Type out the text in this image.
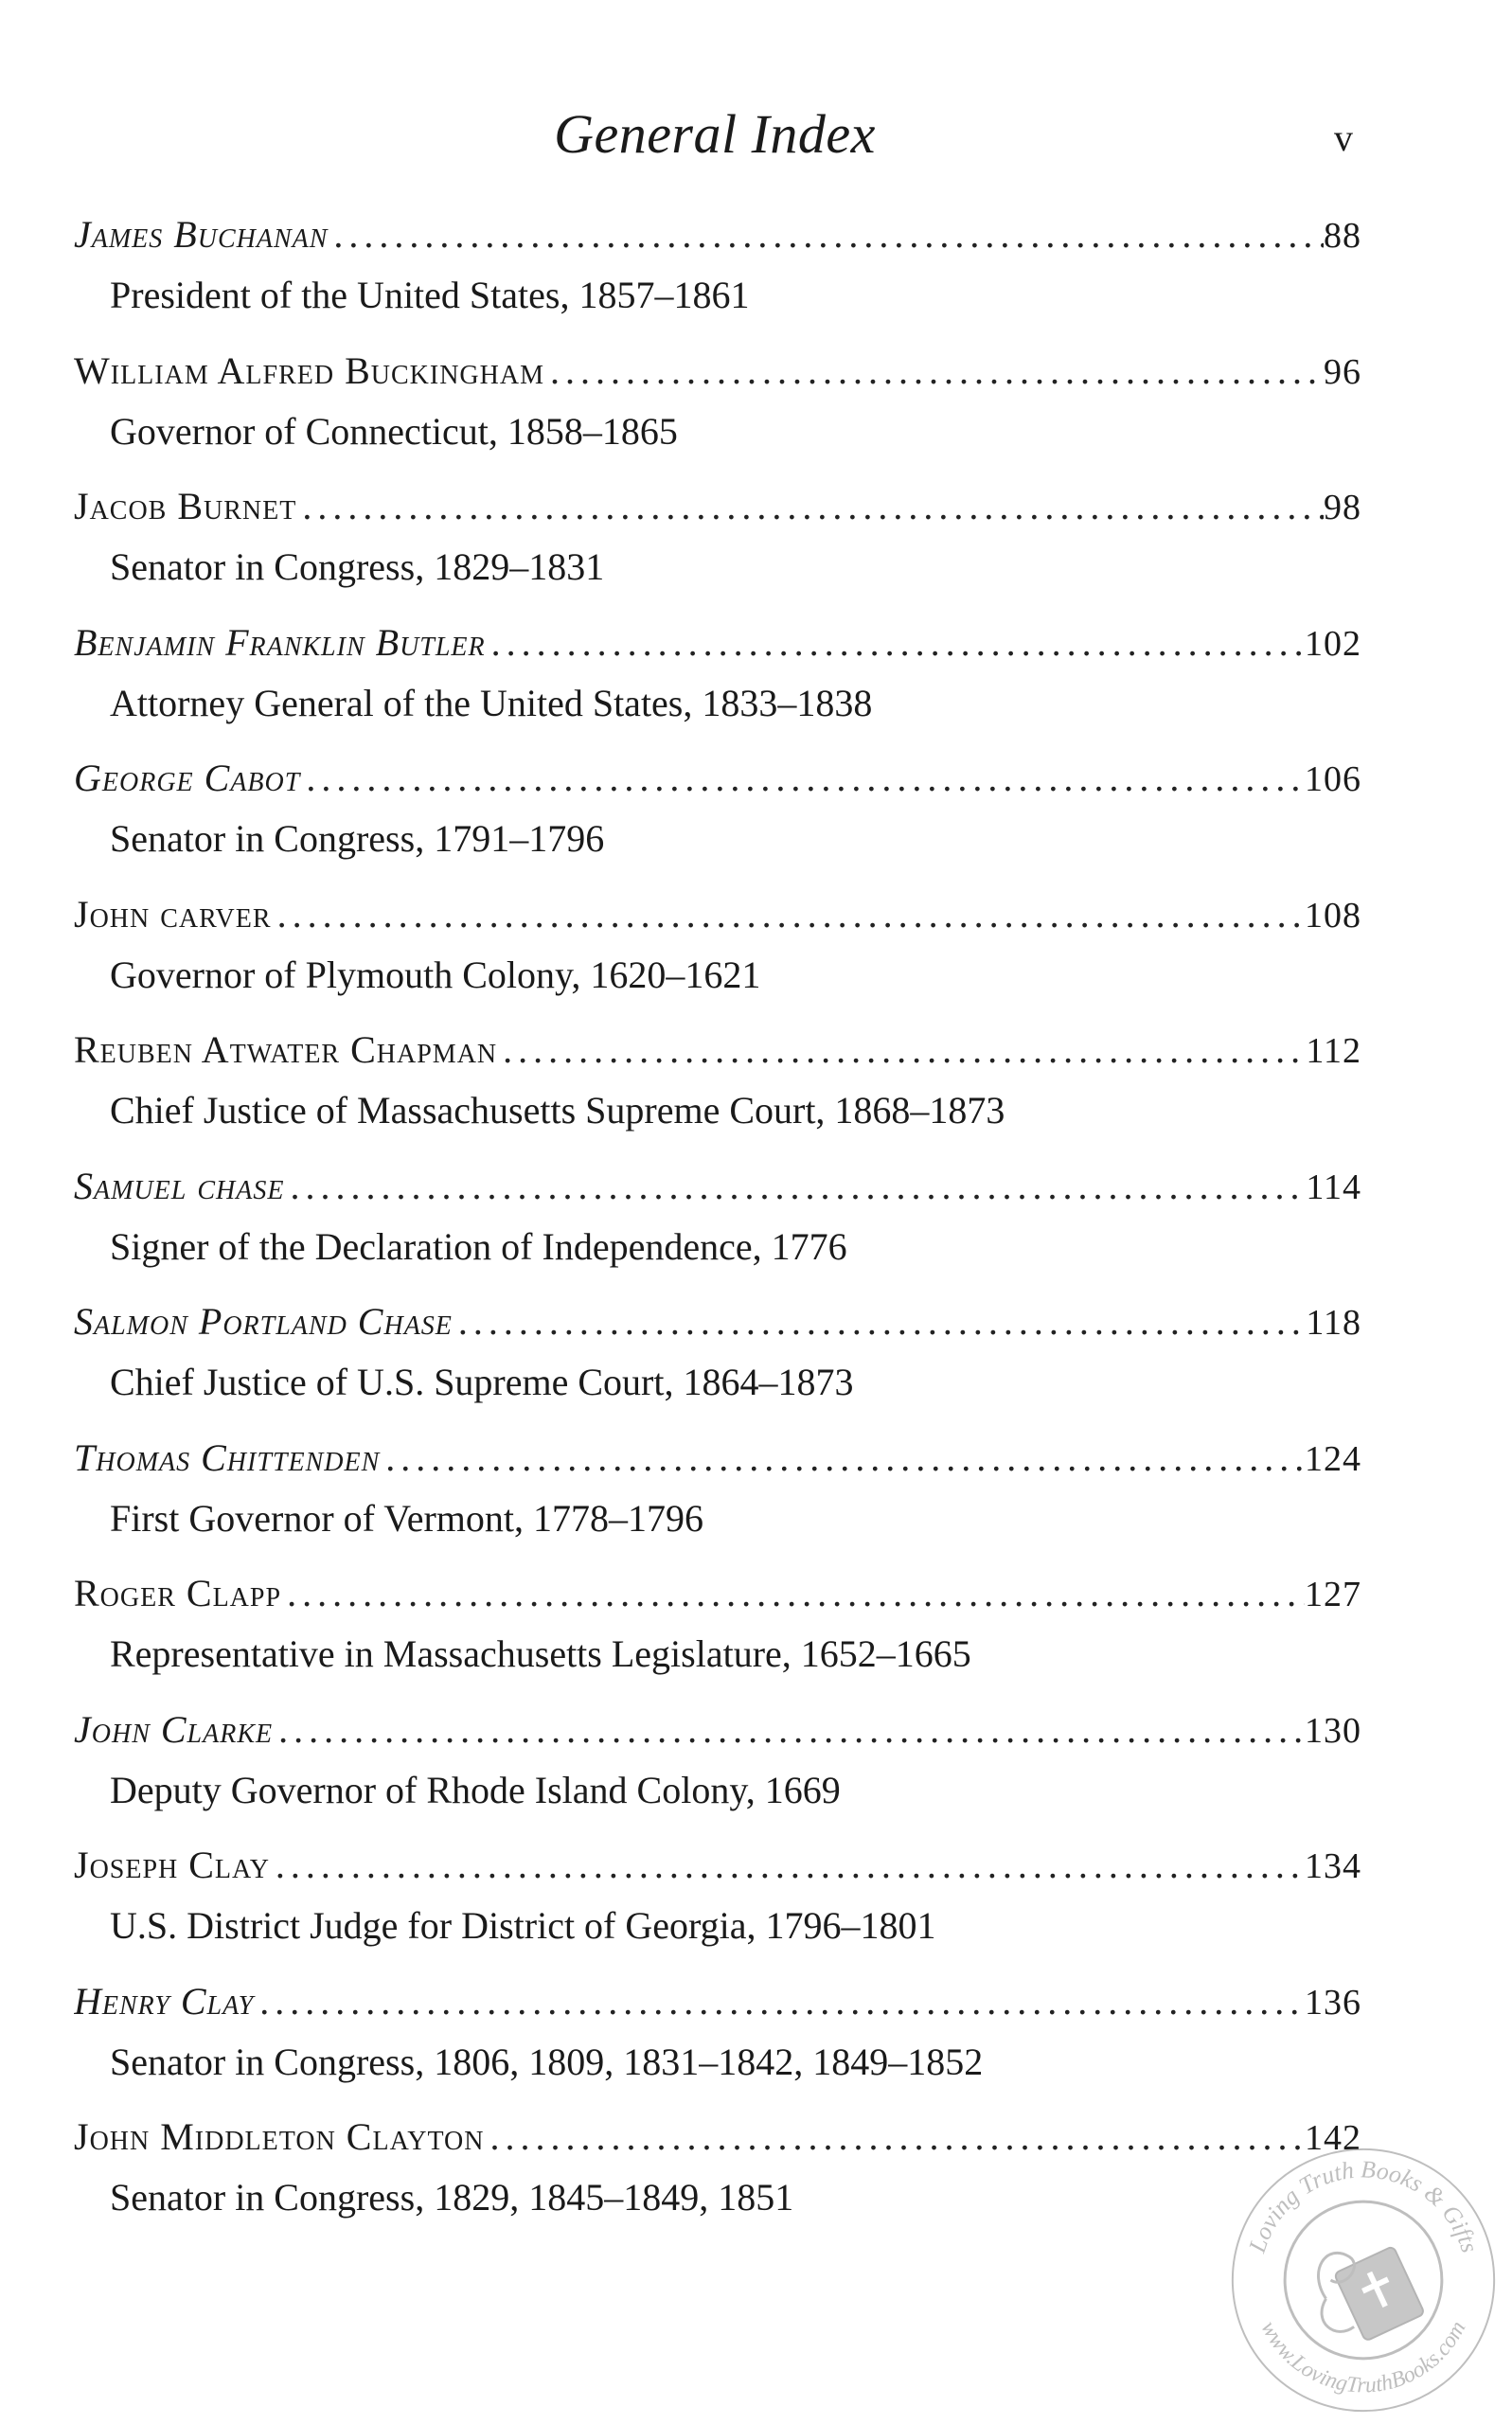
General Index	v
James Buchanan .....	88
President of the United States, 1857–1861
William Alfred Buckingham .....	96
Governor of Connecticut, 1858–1865
Jacob Burnet .....	98
Senator in Congress, 1829–1831
Benjamin Franklin Butler .....	102
Attorney General of the United States, 1833–1838
George Cabot .....	106
Senator in Congress, 1791–1796
John carver .....	108
Governor of Plymouth Colony, 1620–1621
Reuben Atwater Chapman .....	112
Chief Justice of Massachusetts Supreme Court, 1868–1873
Samuel chase .....	114
Signer of the Declaration of Independence, 1776
Salmon Portland Chase .....	118
Chief Justice of U.S. Supreme Court, 1864–1873
Thomas Chittenden .....	124
First Governor of Vermont, 1778–1796
Roger Clapp .....	127
Representative in Massachusetts Legislature, 1652–1665
John Clarke .....	130
Deputy Governor of Rhode Island Colony, 1669
Joseph Clay .....	134
U.S. District Judge for District of Georgia, 1796–1801
Henry Clay .....	136
Senator in Congress, 1806, 1809, 1831–1842, 1849–1852
John Middleton Clayton .....	142
Senator in Congress, 1829, 1845–1849, 1851
Loving Truth Books & Gifts
www.LovingTruthBooks.com
